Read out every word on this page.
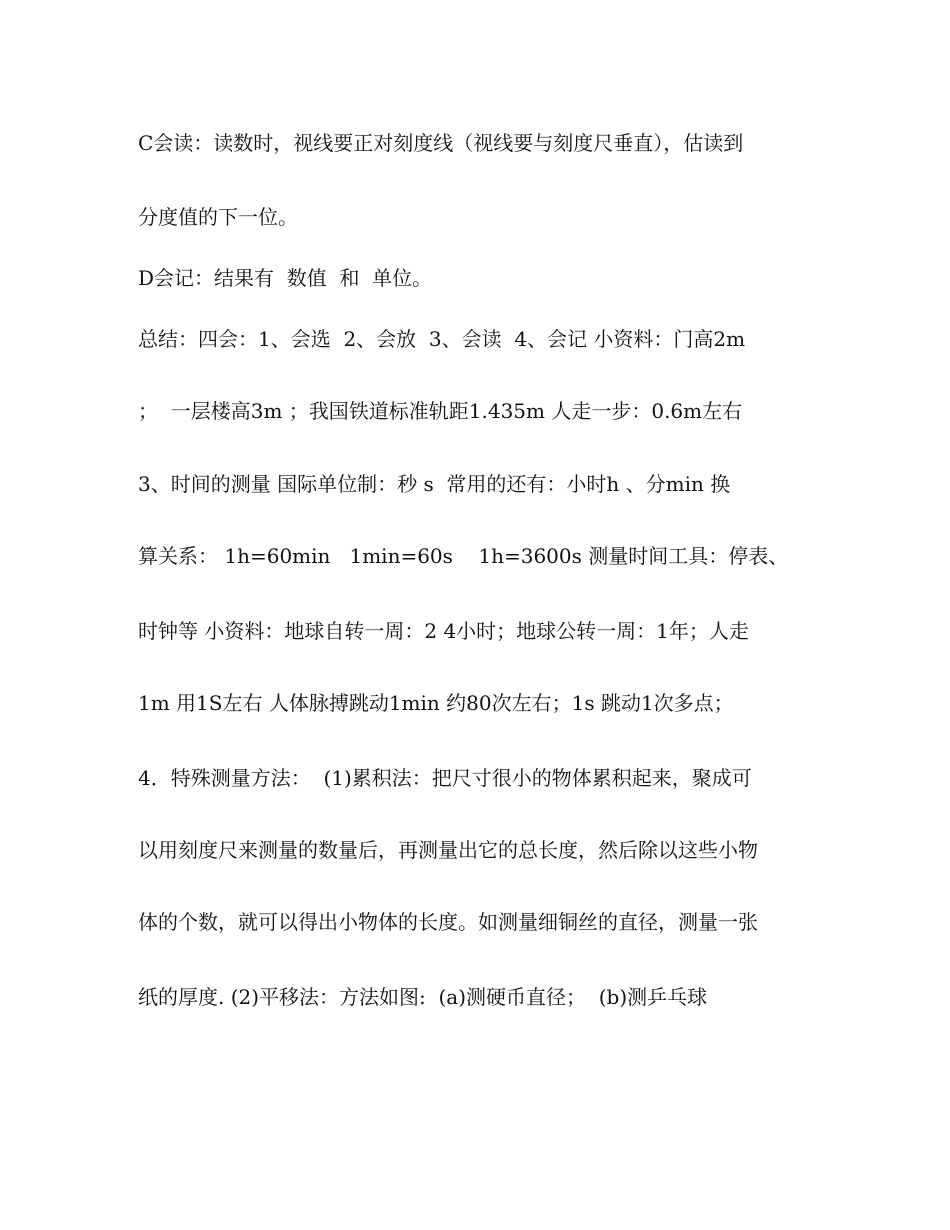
C会读：读数时，视线要正对刻度线（视线要与刻度尺垂直），估读到

分度值的下一位。

D会记：结果有  数值  和  单位。

总结：四会：1、会选  2、会放  3、会读  4、会记 小资料：门高2m

；  一层楼高3m ；我国铁道标准轨距1.435m 人走一步：0.6m左右

3、时间的测量 国际单位制：秒 s  常用的还有：小时h 、分min 换

算关系： 1h=60min   1min=60s    1h=3600s 测量时间工具：停表、

时钟等 小资料：地球自转一周：2 4小时；地球公转一周：1年；人走

1m 用1S左右 人体脉搏跳动1min 约80次左右；1s 跳动1次多点；

4．特殊测量方法：  (1)累积法：把尺寸很小的物体累积起来，聚成可

以用刻度尺来测量的数量后，再测量出它的总长度，然后除以这些小物

体的个数，就可以得出小物体的长度。如测量细铜丝的直径，测量一张

纸的厚度. (2)平移法：方法如图:  (a)测硬币直径；  (b)测乒乓球
